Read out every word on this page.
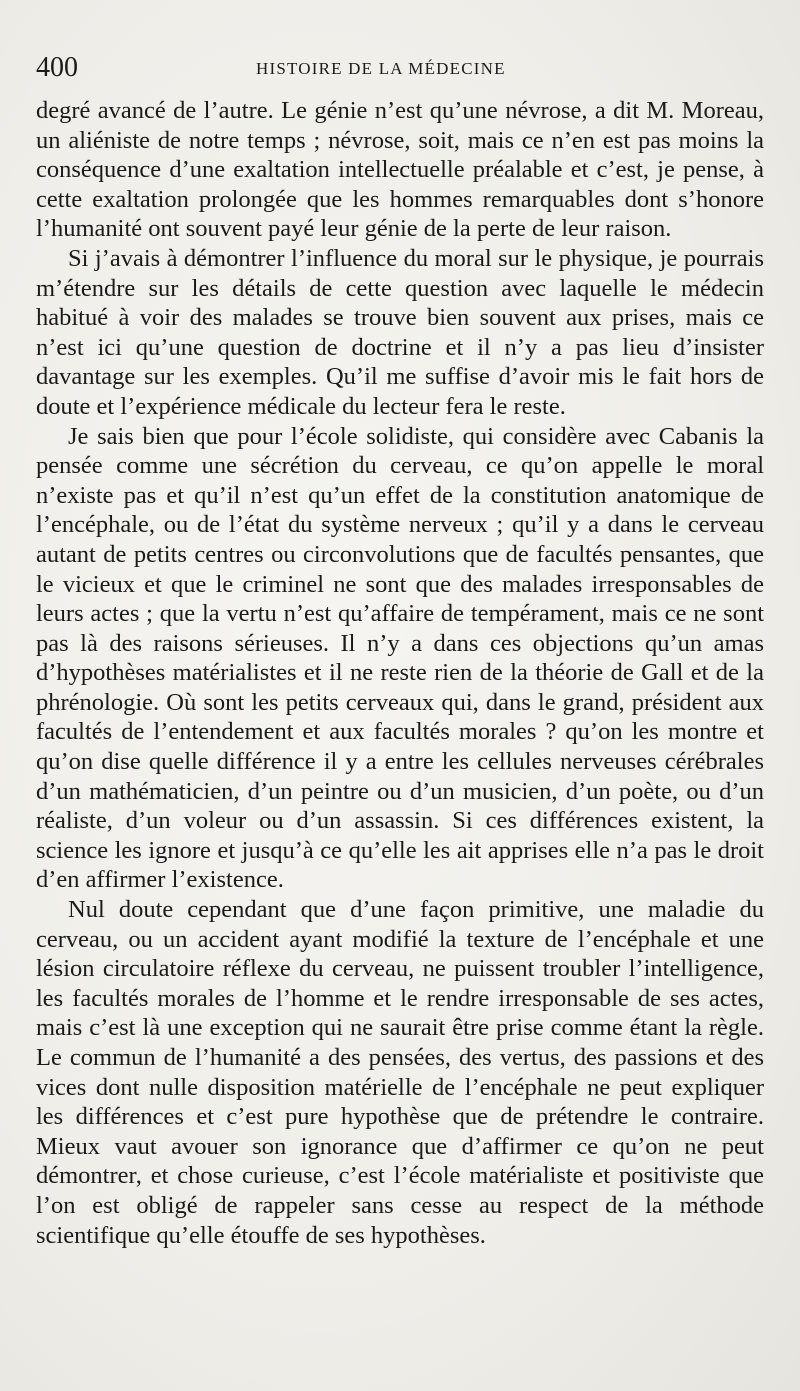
400	HISTOIRE DE LA MÉDECINE

degré avancé de l’autre. Le génie n’est qu’une névrose, a dit M. Moreau, un aliéniste de notre temps ; névrose, soit, mais ce n’en est pas moins la conséquence d’une exaltation intellectuelle préalable et c’est, je pense, à cette exaltation prolongée que les hommes remarquables dont s’honore l’humanité ont souvent payé leur génie de la perte de leur raison.

Si j’avais à démontrer l’influence du moral sur le physique, je pourrais m’étendre sur les détails de cette question avec laquelle le médecin habitué à voir des malades se trouve bien souvent aux prises, mais ce n’est ici qu’une question de doctrine et il n’y a pas lieu d’insister davantage sur les exemples. Qu’il me suffise d’avoir mis le fait hors de doute et l’expérience médicale du lecteur fera le reste.

Je sais bien que pour l’école solidiste, qui considère avec Cabanis la pensée comme une sécrétion du cerveau, ce qu’on appelle le moral n’existe pas et qu’il n’est qu’un effet de la constitution anatomique de l’encéphale, ou de l’état du système nerveux ; qu’il y a dans le cerveau autant de petits centres ou circonvolutions que de facultés pensantes, que le vicieux et que le criminel ne sont que des malades irresponsables de leurs actes ; que la vertu n’est qu’affaire de tempérament, mais ce ne sont pas là des raisons sérieuses. Il n’y a dans ces objections qu’un amas d’hypothèses matérialistes et il ne reste rien de la théorie de Gall et de la phrénologie. Où sont les petits cerveaux qui, dans le grand, président aux facultés de l’entendement et aux facultés morales ? qu’on les montre et qu’on dise quelle différence il y a entre les cellules nerveuses cérébrales d’un mathématicien, d’un peintre ou d’un musicien, d’un poète, ou d’un réaliste, d’un voleur ou d’un assassin. Si ces différences existent, la science les ignore et jusqu’à ce qu’elle les ait apprises elle n’a pas le droit d’en affirmer l’existence.

Nul doute cependant que d’une façon primitive, une maladie du cerveau, ou un accident ayant modifié la texture de l’encéphale et une lésion circulatoire réflexe du cerveau, ne puissent troubler l’intelligence, les facultés morales de l’homme et le rendre irresponsable de ses actes, mais c’est là une exception qui ne saurait être prise comme étant la règle. Le commun de l’humanité a des pensées, des vertus, des passions et des vices dont nulle disposition matérielle de l’encéphale ne peut expliquer les différences et c’est pure hypothèse que de prétendre le contraire. Mieux vaut avouer son ignorance que d’affirmer ce qu’on ne peut démontrer, et chose curieuse, c’est l’école matérialiste et positiviste que l’on est obligé de rappeler sans cesse au respect de la méthode scientifique qu’elle étouffe de ses hypothèses.
